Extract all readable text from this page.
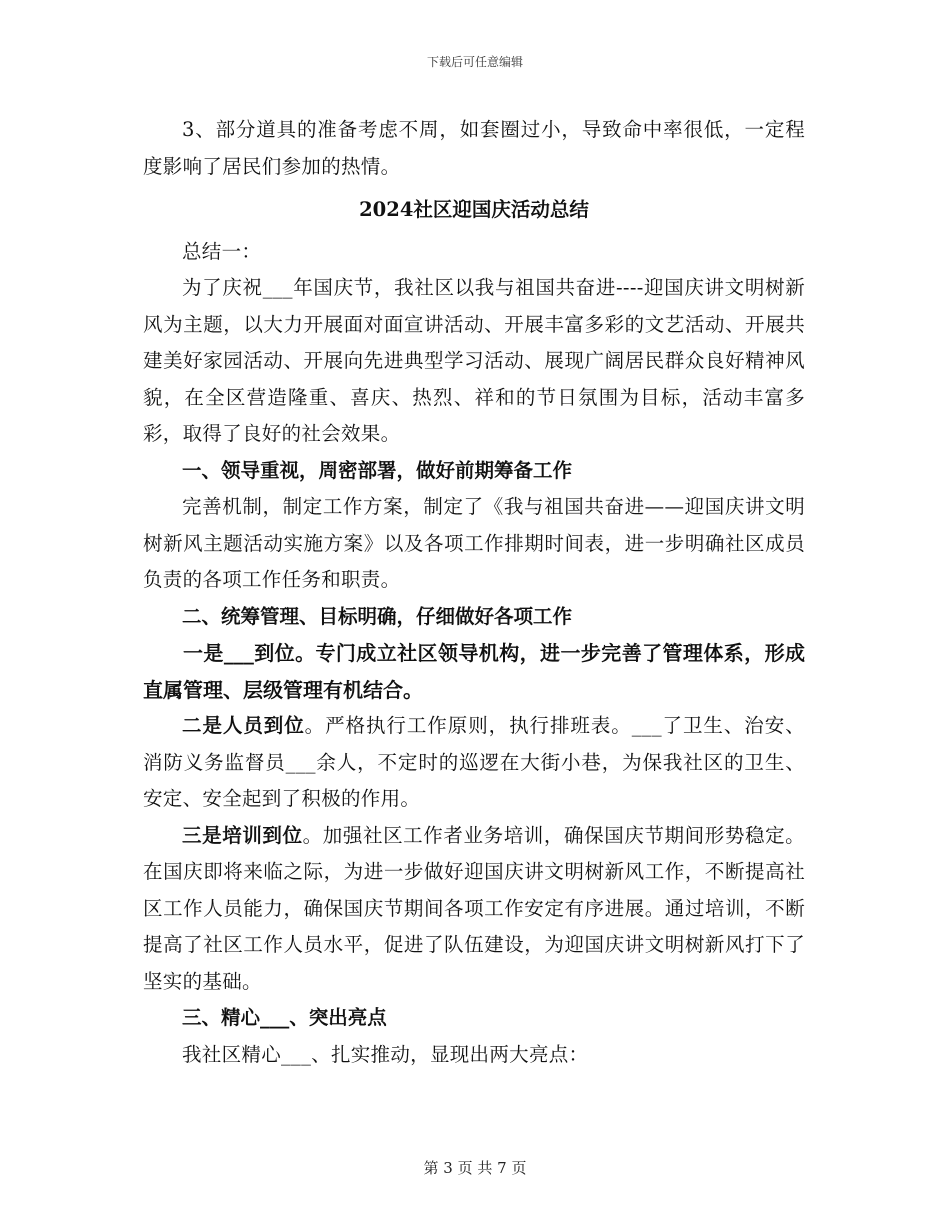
下载后可任意编辑

3、部分道具的准备考虑不周，如套圈过小，导致命中率很低，一定程度影响了居民们参加的热情。

2024社区迎国庆活动总结

总结一：

为了庆祝___年国庆节，我社区以我与祖国共奋进----迎国庆讲文明树新风为主题，以大力开展面对面宣讲活动、开展丰富多彩的文艺活动、开展共建美好家园活动、开展向先进典型学习活动、展现广阔居民群众良好精神风貌，在全区营造隆重、喜庆、热烈、祥和的节日氛围为目标，活动丰富多彩，取得了良好的社会效果。

一、领导重视，周密部署，做好前期筹备工作

完善机制，制定工作方案，制定了《我与祖国共奋进——迎国庆讲文明树新风主题活动实施方案》以及各项工作排期时间表，进一步明确社区成员负责的各项工作任务和职责。

二、统筹管理、目标明确，仔细做好各项工作

一是___到位。专门成立社区领导机构，进一步完善了管理体系，形成直属管理、层级管理有机结合。

二是人员到位。严格执行工作原则，执行排班表。___了卫生、治安、消防义务监督员___余人，不定时的巡逻在大街小巷，为保我社区的卫生、安定、安全起到了积极的作用。

三是培训到位。加强社区工作者业务培训，确保国庆节期间形势稳定。在国庆即将来临之际，为进一步做好迎国庆讲文明树新风工作，不断提高社区工作人员能力，确保国庆节期间各项工作安定有序进展。通过培训，不断提高了社区工作人员水平，促进了队伍建设，为迎国庆讲文明树新风打下了坚实的基础。

三、精心___、突出亮点

我社区精心___、扎实推动，显现出两大亮点：

第 3 页 共 7 页
